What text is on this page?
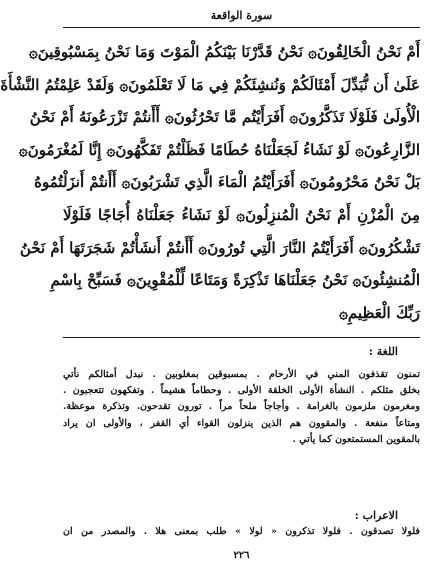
سورة الواقعة
أَمْ نَحْنُ الْخَالِقُونَ۞ نَحْنُ قَدَّرْنَا بَيْنَكُمُ الْمَوْتَ وَمَا نَحْنُ بِمَسْبُوقِينَ۞
عَلَىٰ أَن نُّبَدِّلَ أَمْثَالَكُمْ وَنُنشِئَكُمْ فِي مَا لَا تَعْلَمُونَ۞ وَلَقَدْ عَلِمْتُمُ النَّشْأَةَ
الْأُولَىٰ فَلَوْلَا تَذَكَّرُونَ۞ أَفَرَأَيْتُم مَّا تَحْرُثُونَ۞ أَأَنتُمْ تَزْرَعُونَهُ أَمْ نَحْنُ
الزَّارِعُونَ۞ لَوْ نَشَاءُ لَجَعَلْنَاهُ حُطَامًا فَظَلْتُمْ تَفَكَّهُونَ۞ إِنَّا لَمُغْرَمُونَ۞
بَلْ نَحْنُ مَحْرُومُونَ۞ أَفَرَأَيْتُمُ الْمَاءَ الَّذِي تَشْرَبُونَ۞ أَأَنتُمْ أَنزَلْتُمُوهُ
مِنَ الْمُزْنِ أَمْ نَحْنُ الْمُنزِلُونَ۞ لَوْ نَشَاءُ جَعَلْنَاهُ أُجَاجًا فَلَوْلَا
تَشْكُرُونَ۞ أَفَرَأَيْتُمُ النَّارَ الَّتِي تُورُونَ۞ أَأَنتُمْ أَنشَأْتُمْ شَجَرَتَهَا أَمْ نَحْنُ
الْمُنشِئُونَ۞ نَحْنُ جَعَلْنَاهَا تَذْكِرَةً وَمَتَاعًا لِّلْمُقْوِينَ۞ فَسَبِّحْ بِاسْمِ
رَبِّكَ الْعَظِيمِ۞
اللغة :
تمنون تقذفون المني في الأرحام . بمسبوقين بمغلوبين . نبدل أمثالكم نأتي
بخلق مثلكم . النشأة الأولى الخلقة الأولى . وحطاماً هشيماً . وتفكهون تتعجبون .
ومغرمون ملزمون بالغرامة . وأجاجاً ملحاً مراً . تورون تقدحون. وتذكرة موعظة.
ومتاعاً منفعة . والمقوون هم الذين ينزلون القواء أي القفر ، والأولى ان يراد
بالمقوين المستمتعون كما يأتي .
الاعراب :
فلولا تصدقون . فلولا تذكرون « لولا » طلب بمعنى هلا . والمصدر من ان
٢٢٦
